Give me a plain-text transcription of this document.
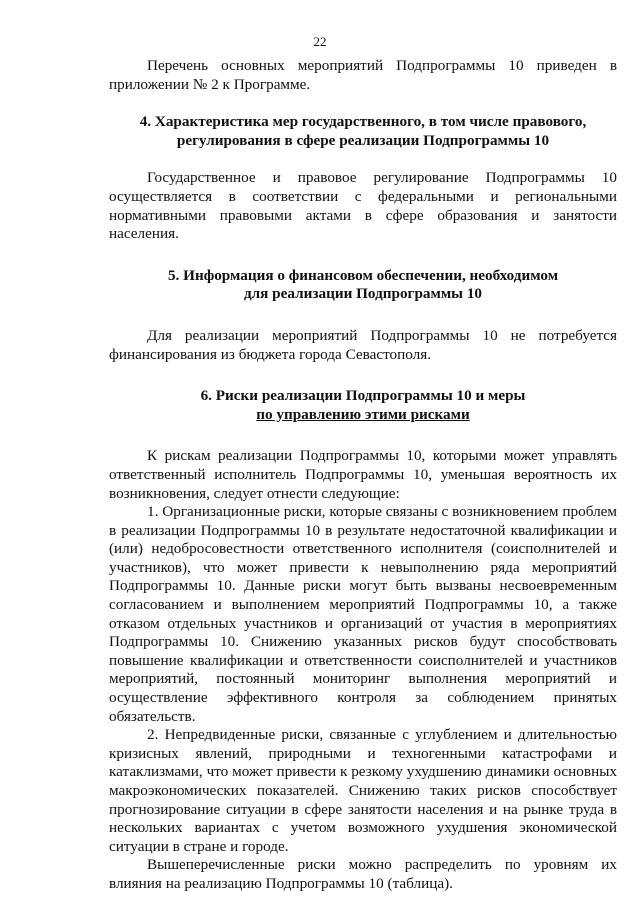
22

Перечень основных мероприятий Подпрограммы 10 приведен в приложении № 2 к Программе.

4. Характеристика мер государственного, в том числе правового,
регулирования в сфере реализации Подпрограммы 10

Государственное и правовое регулирование Подпрограммы 10 осуществляется в соответствии с федеральными и региональными нормативными правовыми актами в сфере образования и занятости населения.

5. Информация о финансовом обеспечении, необходимом
для реализации Подпрограммы 10

Для реализации мероприятий Подпрограммы 10 не потребуется финансирования из бюджета города Севастополя.

6. Риски реализации Подпрограммы 10 и меры
по управлению этими рисками

К рискам реализации Подпрограммы 10, которыми может управлять ответственный исполнитель Подпрограммы 10, уменьшая вероятность их возникновения, следует отнести следующие:

1. Организационные риски, которые связаны с возникновением проблем в реализации Подпрограммы 10 в результате недостаточной квалификации и (или) недобросовестности ответственного исполнителя (соисполнителей и участников), что может привести к невыполнению ряда мероприятий Подпрограммы 10. Данные риски могут быть вызваны несвоевременным согласованием и выполнением мероприятий Подпрограммы 10, а также отказом отдельных участников и организаций от участия в мероприятиях Подпрограммы 10. Снижению указанных рисков будут способствовать повышение квалификации и ответственности соисполнителей и участников мероприятий, постоянный мониторинг выполнения мероприятий и осуществление эффективного контроля за соблюдением принятых обязательств.

2. Непредвиденные риски, связанные с углублением и длительностью кризисных явлений, природными и техногенными катастрофами и катаклизмами, что может привести к резкому ухудшению динамики основных макроэкономических показателей. Снижению таких рисков способствует прогнозирование ситуации в сфере занятости населения и на рынке труда в нескольких вариантах с учетом возможного ухудшения экономической ситуации в стране и городе.

Вышеперечисленные риски можно распределить по уровням их влияния на реализацию Подпрограммы 10 (таблица).
